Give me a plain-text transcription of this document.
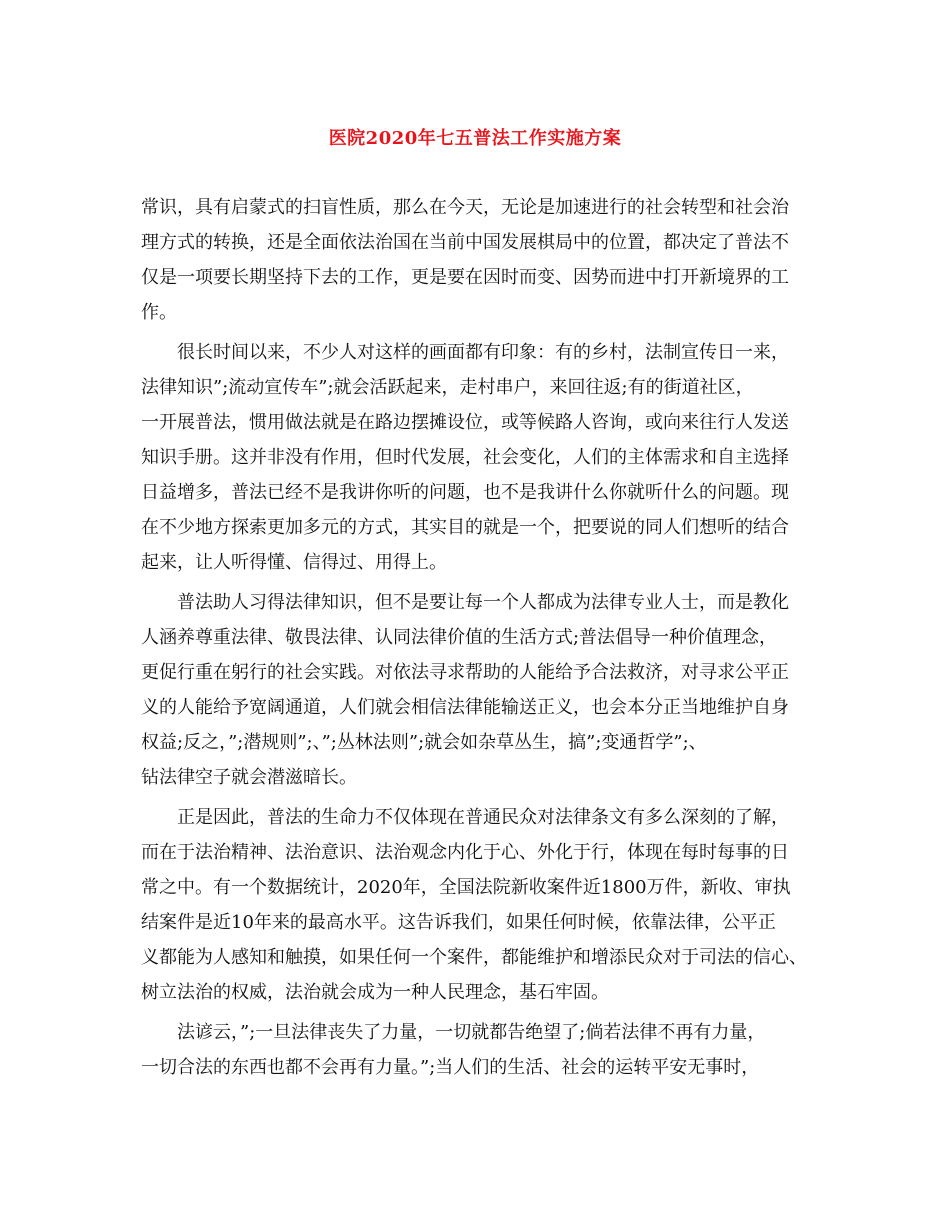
医院2020年七五普法工作实施方案
常识，具有启蒙式的扫盲性质，那么在今天，无论是加速进行的社会转型和社会治
理方式的转换，还是全面依法治国在当前中国发展棋局中的位置，都决定了普法不
仅是一项要长期坚持下去的工作，更是要在因时而变、因势而进中打开新境界的工
作。
　　很长时间以来，不少人对这样的画面都有印象：有的乡村，法制宣传日一来，
法律知识”;流动宣传车”;就会活跃起来，走村串户，来回往返;有的街道社区，
一开展普法，惯用做法就是在路边摆摊设位，或等候路人咨询，或向来往行人发送
知识手册。这并非没有作用，但时代发展，社会变化，人们的主体需求和自主选择
日益增多，普法已经不是我讲你听的问题，也不是我讲什么你就听什么的问题。现
在不少地方探索更加多元的方式，其实目的就是一个，把要说的同人们想听的结合
起来，让人听得懂、信得过、用得上。
　　普法助人习得法律知识，但不是要让每一个人都成为法律专业人士，而是教化
人涵养尊重法律、敬畏法律、认同法律价值的生活方式;普法倡导一种价值理念，
更促行重在躬行的社会实践。对依法寻求帮助的人能给予合法救济，对寻求公平正
义的人能给予宽阔通道，人们就会相信法律能输送正义，也会本分正当地维护自身
权益;反之，”;潜规则”;、”;丛林法则”;就会如杂草丛生，搞”;变通哲学”;、
钻法律空子就会潜滋暗长。
　　正是因此，普法的生命力不仅体现在普通民众对法律条文有多么深刻的了解，
而在于法治精神、法治意识、法治观念内化于心、外化于行，体现在每时每事的日
常之中。有一个数据统计，2020年，全国法院新收案件近1800万件，新收、审执
结案件是近10年来的最高水平。这告诉我们，如果任何时候，依靠法律，公平正
义都能为人感知和触摸，如果任何一个案件，都能维护和增添民众对于司法的信心、
树立法治的权威，法治就会成为一种人民理念，基石牢固。
　　法谚云，”;一旦法律丧失了力量，一切就都告绝望了;倘若法律不再有力量，
一切合法的东西也都不会再有力量。”;当人们的生活、社会的运转平安无事时，
